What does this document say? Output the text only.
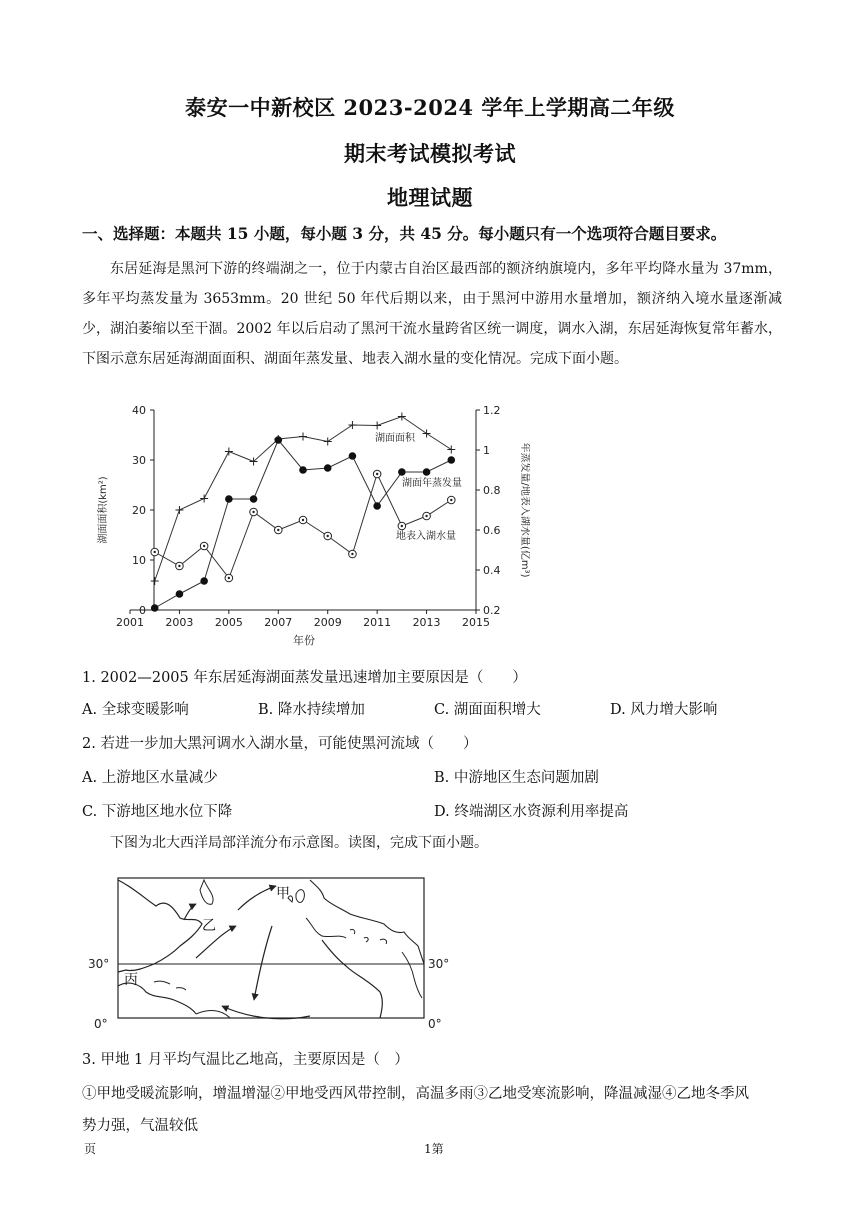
泰安一中新校区 2023-2024 学年上学期高二年级
期末考试模拟考试
地理试题
一、选择题：本题共 15 小题，每小题 3 分，共 45 分。每小题只有一个选项符合题目要求。

东居延海是黑河下游的终端湖之一，位于内蒙古自治区最西部的额济纳旗境内，多年平均降水量为 37mm，多年平均蒸发量为 3653mm。20 世纪 50 年代后期以来，由于黑河中游用水量增加，额济纳入境水量逐渐减少，湖泊萎缩以至干涸。2002 年以后启动了黑河干流水量跨省区统一调度，调水入湖，东居延海恢复常年蓄水，下图示意东居延海湖面面积、湖面年蒸发量、地表入湖水量的变化情况。完成下面小题。

2001 2003 2005 2007 2009 2011 2013 2015
0
10
20
30
40
0.2
0.4
0.6
0.8
1
1.2
年份
湖面面积(km²)	年蒸发量/地表入湖水量(亿m³)
湖面面积
湖面年蒸发量
地表入湖水量
1. 2002—2005 年东居延海湖面蒸发量迅速增加主要原因是（　　）
A. 全球变暖影响	B. 降水持续增加	C. 湖面面积增大	D. 风力增大影响
2. 若进一步加大黑河调水入湖水量，可能使黑河流域（　　）
A. 上游地区水量减少	B. 中游地区生态问题加剧
C. 下游地区地水位下降	D. 终端湖区水资源利用率提高

下图为北大西洋局部洋流分布示意图。读图，完成下面小题。

甲
乙
丙
30°	30°
0°	0°
3. 甲地 1 月平均气温比乙地高，主要原因是（　）
①甲地受暖流影响，增温增湿②甲地受西风带控制，高温多雨③乙地受寒流影响，降温减湿④乙地冬季风
势力强，气温较低
页	1第
